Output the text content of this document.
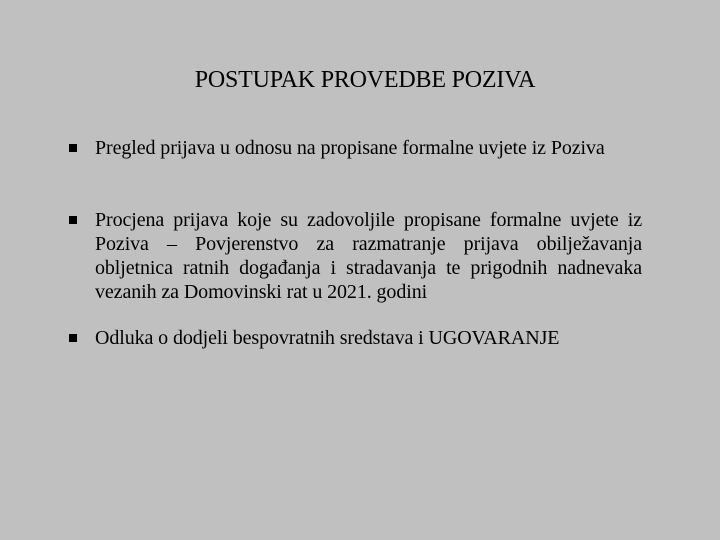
POSTUPAK PROVEDBE POZIVA
Pregled prijava u odnosu na propisane formalne uvjete iz Poziva
Procjena prijava koje su zadovoljile propisane formalne uvjete iz Poziva – Povjerenstvo za razmatranje prijava obilježavanja obljetnica ratnih događanja i stradavanja te prigodnih nadnevaka vezanih za Domovinski rat u 2021. godini
Odluka o dodjeli bespovratnih sredstava i UGOVARANJE
